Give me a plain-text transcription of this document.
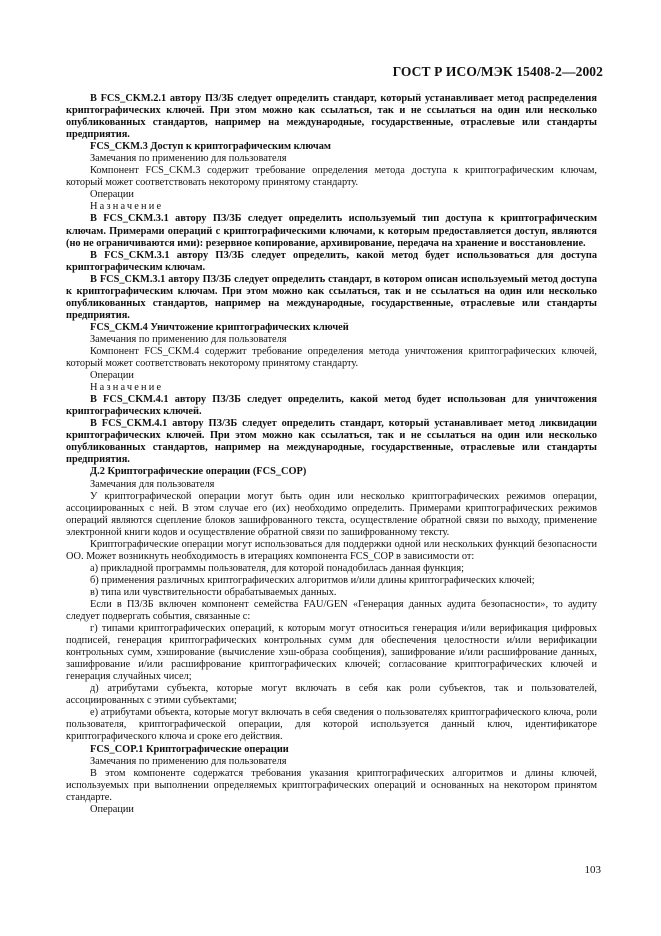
ГОСТ Р ИСО/МЭК 15408-2—2002

B FCS_CKM.2.1 автору ПЗ/ЗБ следует определить стандарт, который устанавливает метод распределения криптографических ключей. При этом можно как ссылаться, так и не ссылаться на один или несколько опубликованных стандартов, например на международные, государственные, отраслевые или стандарты предприятия.

FCS_CKM.3 Доступ к криптографическим ключам

Замечания по применению для пользователя

Компонент FCS_CKM.3 содержит требование определения метода доступа к криптографическим ключам, который может соответствовать некоторому принятому стандарту.

Операции

Назначение

B FCS_CKM.3.1 автору ПЗ/ЗБ следует определить используемый тип доступа к криптографическим ключам. Примерами операций с криптографическими ключами, к которым предоставляется доступ, являются (но не ограничиваются ими): резервное копирование, архивирование, передача на хранение и восстановление.

B FCS_CKM.3.1 автору ПЗ/ЗБ следует определить, какой метод будет использоваться для доступа криптографическим ключам.

B FCS_CKM.3.1 автору ПЗ/ЗБ следует определить стандарт, в котором описан используемый метод доступа к криптографическим ключам. При этом можно как ссылаться, так и не ссылаться на один или несколько опубликованных стандартов, например на международные, государственные, отраслевые или стандарты предприятия.

FCS_CKM.4 Уничтожение криптографических ключей

Замечания по применению для пользователя

Компонент FCS_CKM.4 содержит требование определения метода уничтожения криптографических ключей, который может соответствовать некоторому принятому стандарту.

Операции

Назначение

B FCS_CKM.4.1 автору ПЗ/ЗБ следует определить, какой метод будет использован для уничтожения криптографических ключей.

B FCS_CKM.4.1 автору ПЗ/ЗБ следует определить стандарт, который устанавливает метод ликвидации криптографических ключей. При этом можно как ссылаться, так и не ссылаться на один или несколько опубликованных стандартов, например на международные, государственные, отраслевые или стандарты предприятия.

Д.2 Криптографические операции (FCS_COP)

Замечания для пользователя

У криптографической операции могут быть один или несколько криптографических режимов операции, ассоциированных с ней. В этом случае его (их) необходимо определить. Примерами криптографических режимов операций являются сцепление блоков зашифрованного текста, осуществление обратной связи по выходу, применение электронной книги кодов и осуществление обратной связи по зашифрованному тексту.

Криптографические операции могут использоваться для поддержки одной или нескольких функций безопасности ОО. Может возникнуть необходимость в итерациях компонента FCS_COP в зависимости от:

а) прикладной программы пользователя, для которой понадобилась данная функция;

б) применения различных криптографических алгоритмов и/или длины криптографических ключей;

в) типа или чувствительности обрабатываемых данных.

Если в ПЗ/ЗБ включен компонент семейства FAU/GEN «Генерация данных аудита безопасности», то аудиту следует подвергать события, связанные с:

г) типами криптографических операций, к которым могут относиться генерация и/или верификация цифровых подписей, генерация криптографических контрольных сумм для обеспечения целостности и/или верификации контрольных сумм, хэширование (вычисление хэш-образа сообщения), зашифрование и/или расшифрование данных, зашифрование и/или расшифрование криптографических ключей; согласование криптографических ключей и генерация случайных чисел;

д) атрибутами субъекта, которые могут включать в себя как роли субъектов, так и пользователей, ассоциированных с этими субъектами;

е) атрибутами объекта, которые могут включать в себя сведения о пользователях криптографического ключа, роли пользователя, криптографической операции, для которой используется данный ключ, идентификаторе криптографического ключа и сроке его действия.

FCS_COP.1 Криптографические операции

Замечания по применению для пользователя

В этом компоненте содержатся требования указания криптографических алгоритмов и длины ключей, используемых при выполнении определяемых криптографических операций и основанных на некотором принятом стандарте.

Операции

103
